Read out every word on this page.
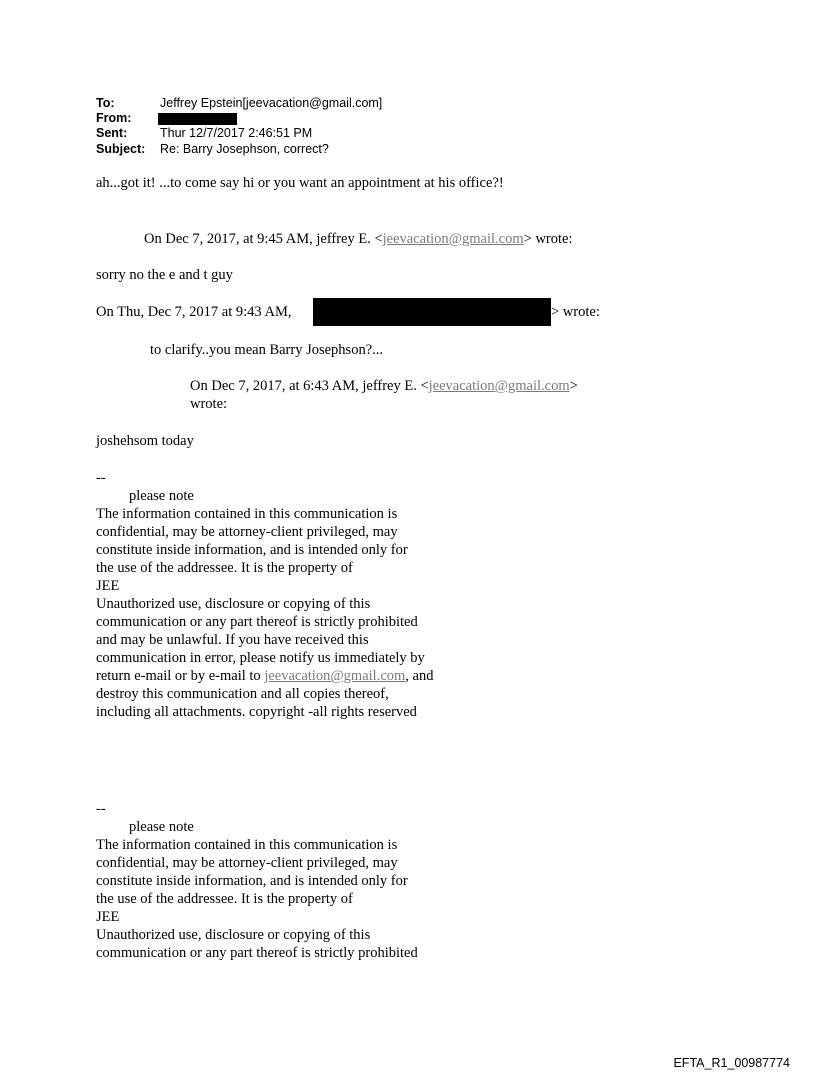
To:	Jeffrey Epstein[jeevacation@gmail.com]
From:
Sent:	Thur 12/7/2017 2:46:51 PM
Subject: Re: Barry Josephson, correct?
ah...got it! ...to come say hi or you want an appointment at his office?!
On Dec 7, 2017, at 9:45 AM, jeffrey E. <jeevacation@gmail.com> wrote:
sorry no the e and t guy
On Thu, Dec 7, 2017 at 9:43 AM,	> wrote:
to clarify..you mean Barry Josephson?...
On Dec 7, 2017, at 6:43 AM, jeffrey E. <jeevacation@gmail.com>
wrote:
joshehsom today
--
please note
The information contained in this communication is
confidential, may be attorney-client privileged, may
constitute inside information, and is intended only for
the use of the addressee. It is the property of
JEE
Unauthorized use, disclosure or copying of this
communication or any part thereof is strictly prohibited
and may be unlawful. If you have received this
communication in error, please notify us immediately by
return e-mail or by e-mail to jeevacation@gmail.com, and
destroy this communication and all copies thereof,
including all attachments. copyright -all rights reserved
--
please note
The information contained in this communication is
confidential, may be attorney-client privileged, may
constitute inside information, and is intended only for
the use of the addressee. It is the property of
JEE
Unauthorized use, disclosure or copying of this
communication or any part thereof is strictly prohibited
EFTA_R1_00987774
